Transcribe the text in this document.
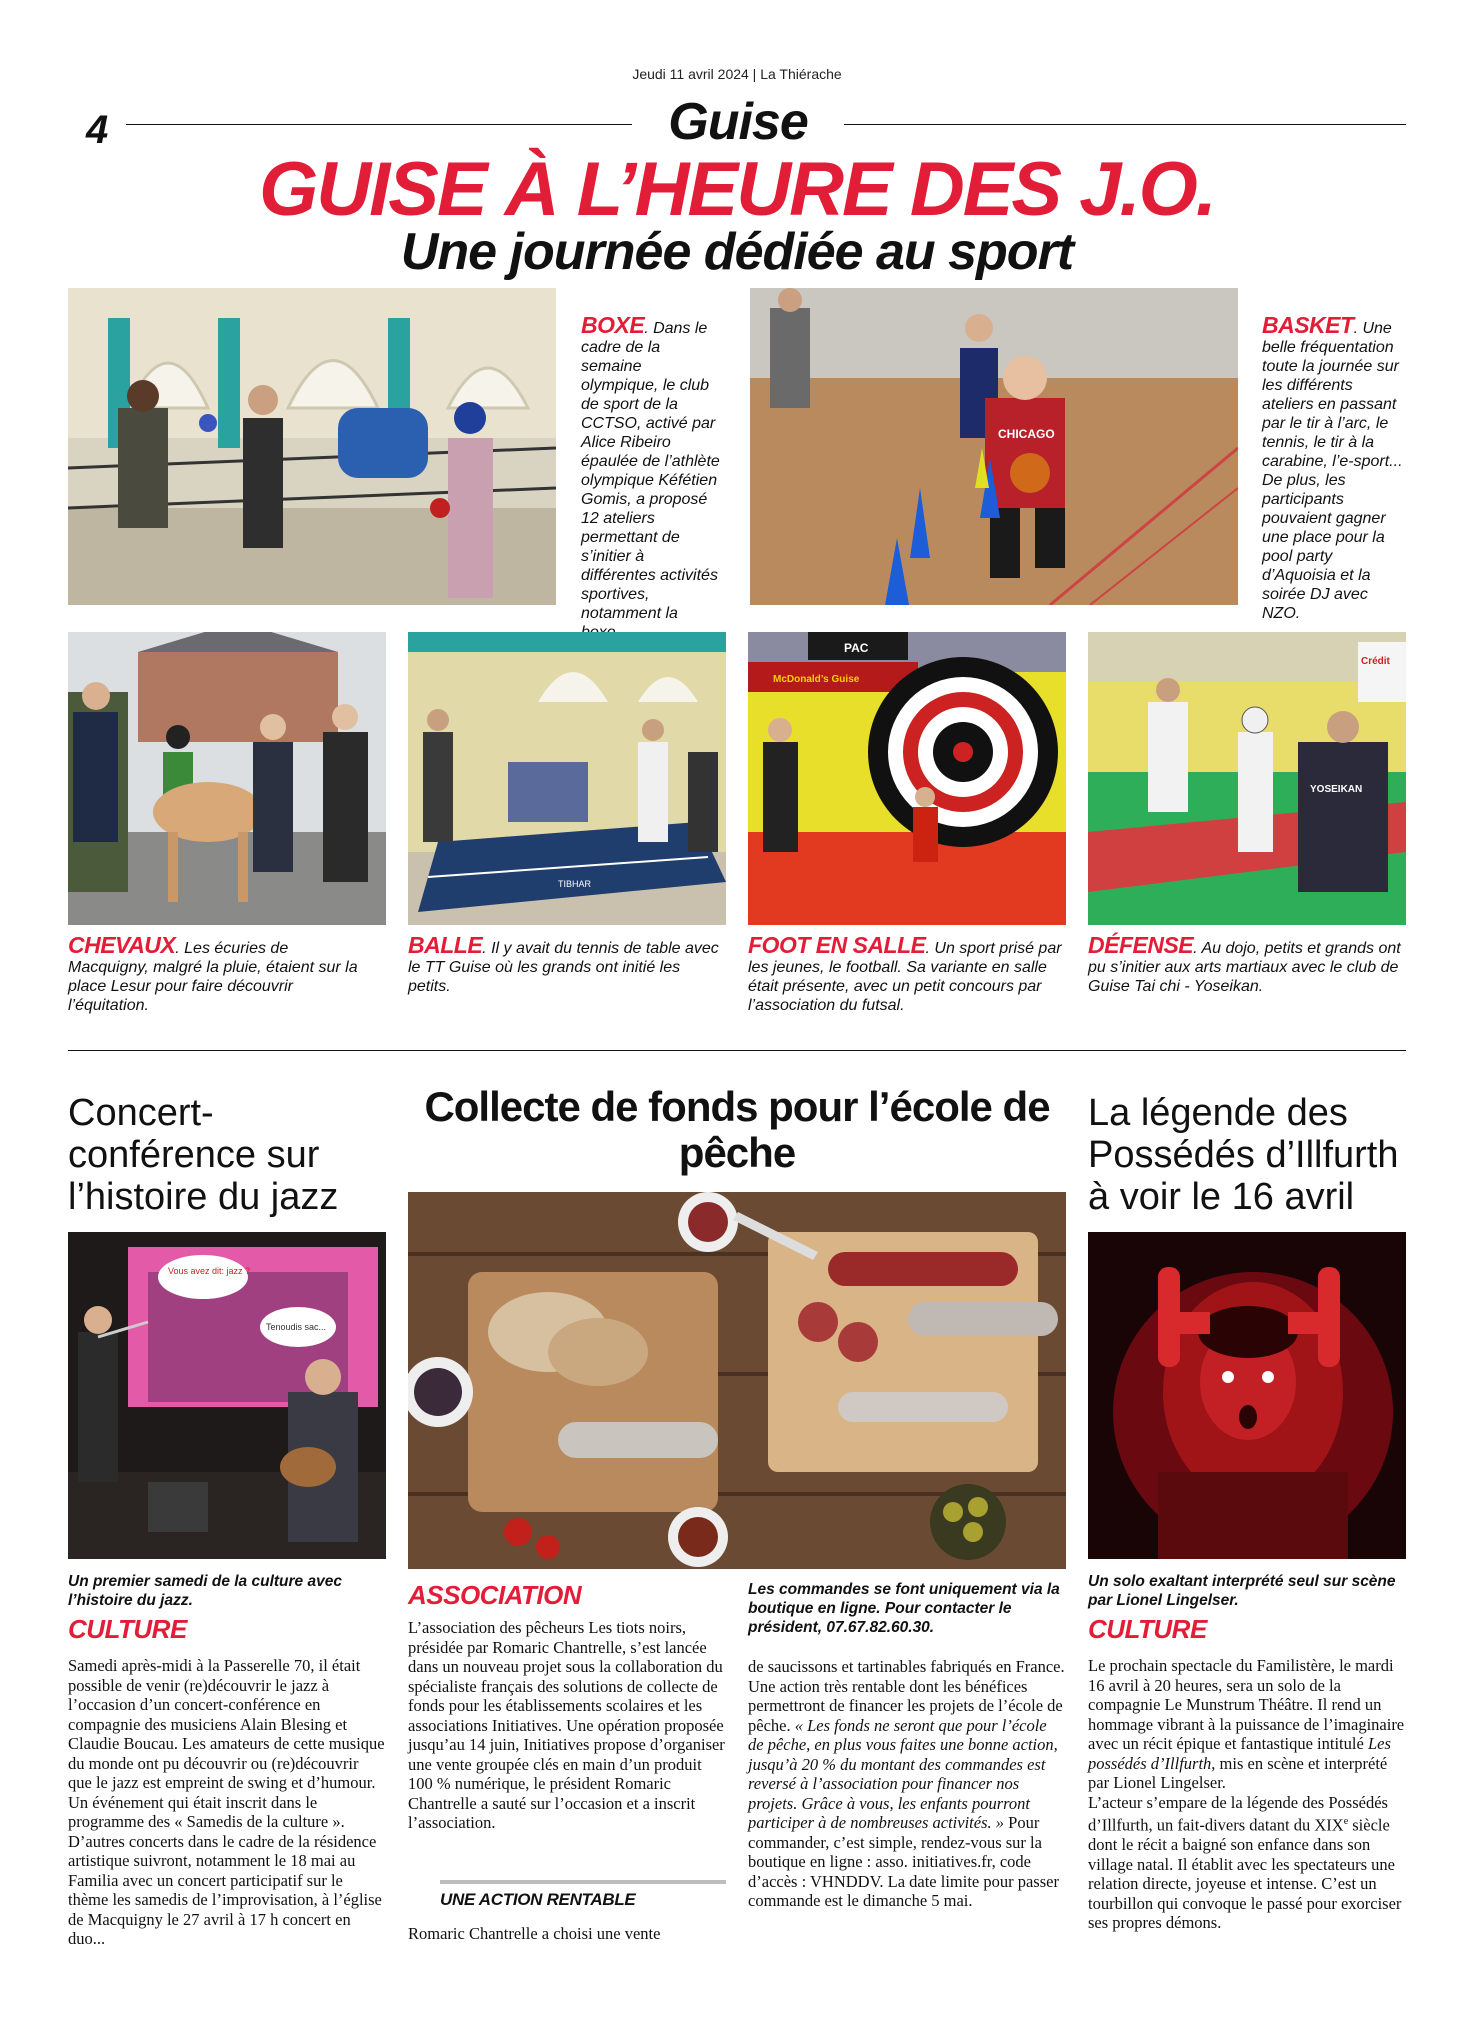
Jeudi 11 avril 2024 | La Thiérache
4	Guise
GUISE À L’HEURE DES J.O.
Une journée dédiée au sport
BOXE. Dans le cadre de la semaine olympique, le club de sport de la CCTSO, activé par Alice Ribeiro épaulée de l’athlète olympique Kéfétien Gomis, a proposé 12 ateliers permettant de s’initier à différentes activités sportives, notamment la
CHICAGO
BASKET. Une belle fréquentation toute la journée sur les différents ateliers en passant par le tir à l’arc, le tennis, le tir à la carabine, l’e-sport... De plus, les participants pouvaient gagner une place pour la pool party d’Aquoisia et la soirée DJ avec NZO.
TIBHAR
McDonald’s Guise
PAC
Crédit
YOSEIKAN
CHEVAUX. Les écuries de Macquigny, malgré la pluie, étaient sur la place Lesur pour faire découvrir l’équitation.
BALLE. Il y avait du tennis de table avec le TT Guise où les grands ont initié les petits.
FOOT EN SALLE. Un sport prisé par les jeunes, le football. Sa variante en salle était présente, avec un petit concours par l’association du futsal.
DÉFENSE. Au dojo, petits et grands ont pu s’initier aux arts martiaux avec le club de Guise Tai chi - Yoseikan.
Concert-conférence sur l’histoire du jazz
Vous avez dit: jazz ?
Tenoudis sac...
Un premier samedi de la culture avec l’histoire du jazz.
CULTURE
Samedi après-midi à la Passerelle 70, il était possible de venir (re)découvrir le jazz à l’occasion d’un concert-conférence en compagnie des musiciens Alain Blesing et Claudie Boucau. Les amateurs de cette musique du monde ont pu découvrir ou (re)découvrir que le jazz est empreint de swing et d’humour. Un événement qui était inscrit dans le programme des « Samedis de la culture ». D’autres concerts dans le cadre de la résidence artistique suivront, notamment le 18 mai au Familia avec un concert participatif sur le thème les samedis de l’improvisation, à l’église de Macquigny le 27 avril à 17 h concert en duo...
Collecte de fonds pour l’école de pêche
ASSOCIATION	Les commandes se font uniquement via la boutique en ligne. Pour contacter le président, 07.67.82.60.30.
L’association des pêcheurs Les tiots noirs, présidée par Romaric Chantrelle, s’est lancée dans un nouveau projet sous la collaboration du spécialiste français des solutions de collecte de fonds pour les établissements scolaires et les associations Initiatives. Une opération proposée jusqu’au 14 juin, Initiatives propose d’organiser une vente groupée clés en main d’un produit 100 % numérique, le président Romaric Chantrelle a sauté sur l’occasion et a inscrit l’association.
UNE ACTION RENTABLE
Romaric Chantrelle a choisi une vente
de saucissons et tartinables fabriqués en France. Une action très rentable dont les bénéfices permettront de financer les projets de l’école de pêche. « Les fonds ne seront que pour l’école de pêche, en plus vous faites une bonne action, jusqu’à 20 % du montant des commandes est reversé à l’association pour financer nos projets. Grâce à vous, les enfants pourront participer à de nombreuses activités. » Pour commander, c’est simple, rendez-vous sur la boutique en ligne : asso. initiatives.fr, code d’accès : VHNDDV. La date limite pour passer commande est le dimanche 5 mai.
La légende des Possédés d’Illfurth à voir le 16 avril
Un solo exaltant interprété seul sur scène par Lionel Lingelser.
CULTURE
Le prochain spectacle du Familistère, le mardi 16 avril à 20 heures, sera un solo de la compagnie Le Munstrum Théâtre. Il rend un hommage vibrant à la puissance de l’imaginaire avec un récit épique et fantastique intitulé Les possédés d’Illfurth, mis en scène et interprété par Lionel Lingelser.
L’acteur s’empare de la légende des Possédés d’Illfurth, un fait-divers datant du XIXe siècle dont le récit a baigné son enfance dans son village natal. Il établit avec les spectateurs une relation directe, joyeuse et intense. C’est un tourbillon qui convoque le passé pour exorciser ses propres démons.
